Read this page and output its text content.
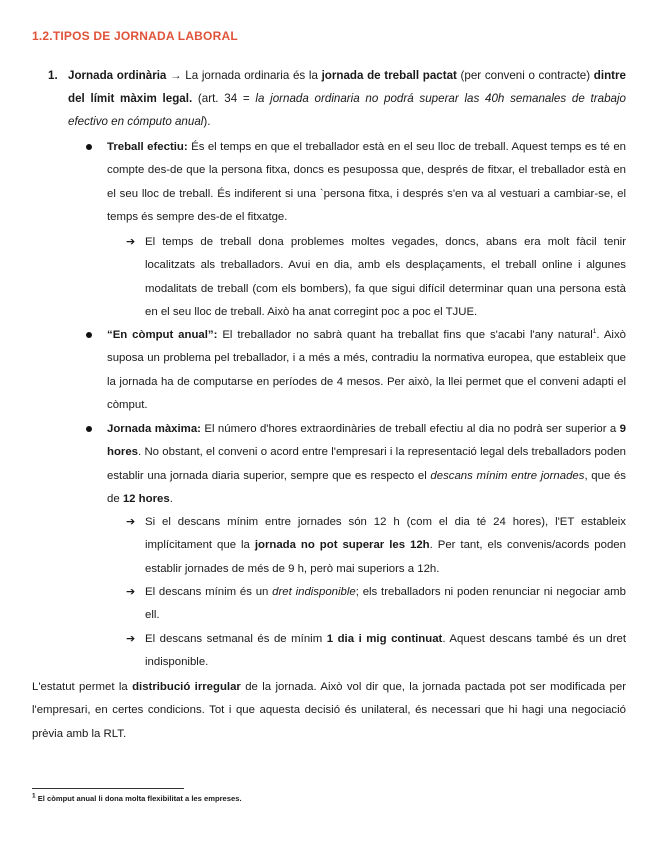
1.2.TIPOS DE JORNADA LABORAL
1. Jornada ordinària → La jornada ordinaria és la jornada de treball pactat (per conveni o contracte) dintre del límit màxim legal. (art. 34 = la jornada ordinaria no podrá superar las 40h semanales de trabajo efectivo en cómputo anual).
Treball efectiu: És el temps en que el treballador està en el seu lloc de treball. Aquest temps es té en compte des-de que la persona fitxa, doncs es pesupossa que, després de fitxar, el treballador està en el seu lloc de treball. És indiferent si una `persona fitxa, i després s'en va al vestuari a cambiar-se, el temps és sempre des-de el fitxatge.
➔ El temps de treball dona problemes moltes vegades, doncs, abans era molt fàcil tenir localitzats als treballadors. Avui en dia, amb els desplaçaments, el treball online i algunes modalitats de treball (com els bombers), fa que sigui difícil determinar quan una persona està en el seu lloc de treball. Això ha anat corregint poc a poc el TJUE.
“En còmput anual”: El treballador no sabrà quant ha treballat fins que s'acabi l'any natural$^1$. Això suposa un problema pel treballador, i a més a més, contradiu la normativa europea, que estableix que la jornada ha de computarse en períodes de 4 mesos. Per això, la llei permet que el conveni adapti el còmput.
Jornada màxima: El número d'hores extraordinàries de treball efectiu al dia no podrà ser superior a 9 hores. No obstant, el conveni o acord entre l'empresari i la representació legal dels treballadors poden establir una jornada diaria superior, sempre que es respecto el descans mínim entre jornades, que és de 12 hores.
➔ Si el descans mínim entre jornades són 12 h (com el dia té 24 hores), l'ET estableix implícitament que la jornada no pot superar les 12h. Per tant, els convenis/acords poden establir jornades de més de 9 h, però mai superiors a 12h.
➔ El descans mínim és un dret indisponible; els treballadors ni poden renunciar ni negociar amb ell.
➔ El descans setmanal és de mínim 1 dia i mig continuat. Aquest descans també és un dret indisponible.
L'estatut permet la distribució irregular de la jornada. Això vol dir que, la jornada pactada pot ser modificada per l'empresari, en certes condicions. Tot i que aquesta decisió és unilateral, és necessari que hi hagi una negociació prèvia amb la RLT.
$^1$ El còmput anual li dona molta flexibilitat a les empreses.
